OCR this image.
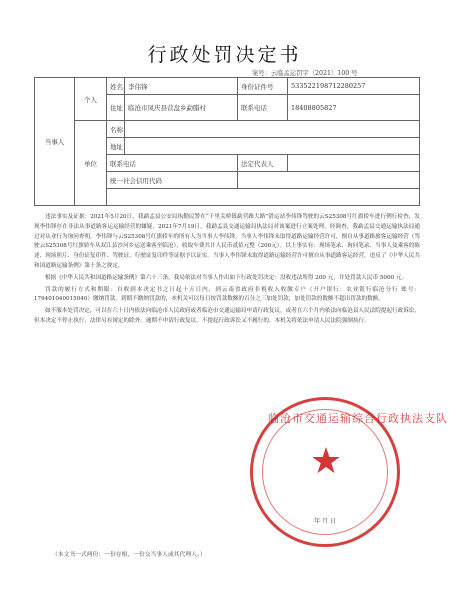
行政处罚决定书
案号：云临孟运罚字〔2021〕100 号
当事人	个人	姓名	李伟锋	身份证件号	533522198712280257
		住址	临沧市凤庆县营盘乡勐腊村	联系电话	18408805827

	单位	名称			
		地址			
		联系电话		法定代表人	
		统一社会信用代码			

违法事实及证据：2021年5月20日，我勐孟县公安局执勤民警在“千里关桥镇勐营路大路”错运站李伟锋驾驶的云S25308号红旗轿车进行例行检查，发现李伟锋存在非法从事道路客运运输经营的嫌疑，2021年7月19日，我勐孟县交通运输局执法局对该案进行立案处理，经调查，我勐孟县交通运输执法局通过对从业行为询问查明，李伟锋与云S25308号红旗轿车的所有人为当事人李伟锋。当事人李伟锋未取得道路运输经营许可，擅自从事道路旅客运输经营（驾驶云S25308号红旗轿车从双江县沙河乡运送乘客至临沧），收取车费共计人民币贰佰元整（200元）。以上事实有：现场笔录、询问笔录、当事人及乘客的陈述、现场照片、身份证复印件、驾驶证、行驶证复印件等证据予以证实。当事人李伟锋未取得道路运输经营许可擅自从事道路客运经营，违反了《中华人民共和国道路运输条例》第十条之规定。

根据《中华人民共和国道路运输条例》第六十三条，我局依法对当事人作出如下行政处罚决定：没收违法所得 200 元，并处罚款人民币 5000 元。

罚款的履行方式和期限：自收到本决定书之日起十五日内，到云南省政府非税收入收缴专户（开户银行：农业银行临沧分行 账号：176401040015040）缴纳罚款。到期不缴纳罚款的，本机关可以每日按罚款数额的百分之三加处罚款，加处罚款的数额不超出罚款的数额。

如不服本处罚决定，可以在六十日内依法向临沧市人民政府或者临沧市交通运输局申请行政复议，或者在六个月内依法向临沧县人民法院提起行政诉讼，但本决定不停止执行，法律另有规定的除外。逾期不申请行政复议，不提起行政诉讼又不履行的，本机关将依法申请人民法院强制执行。

临沧市交通运输综合行政执法支队
★
年 月 日
（本文书一式两份：一份存根，一份交当事人或其代理人。）
